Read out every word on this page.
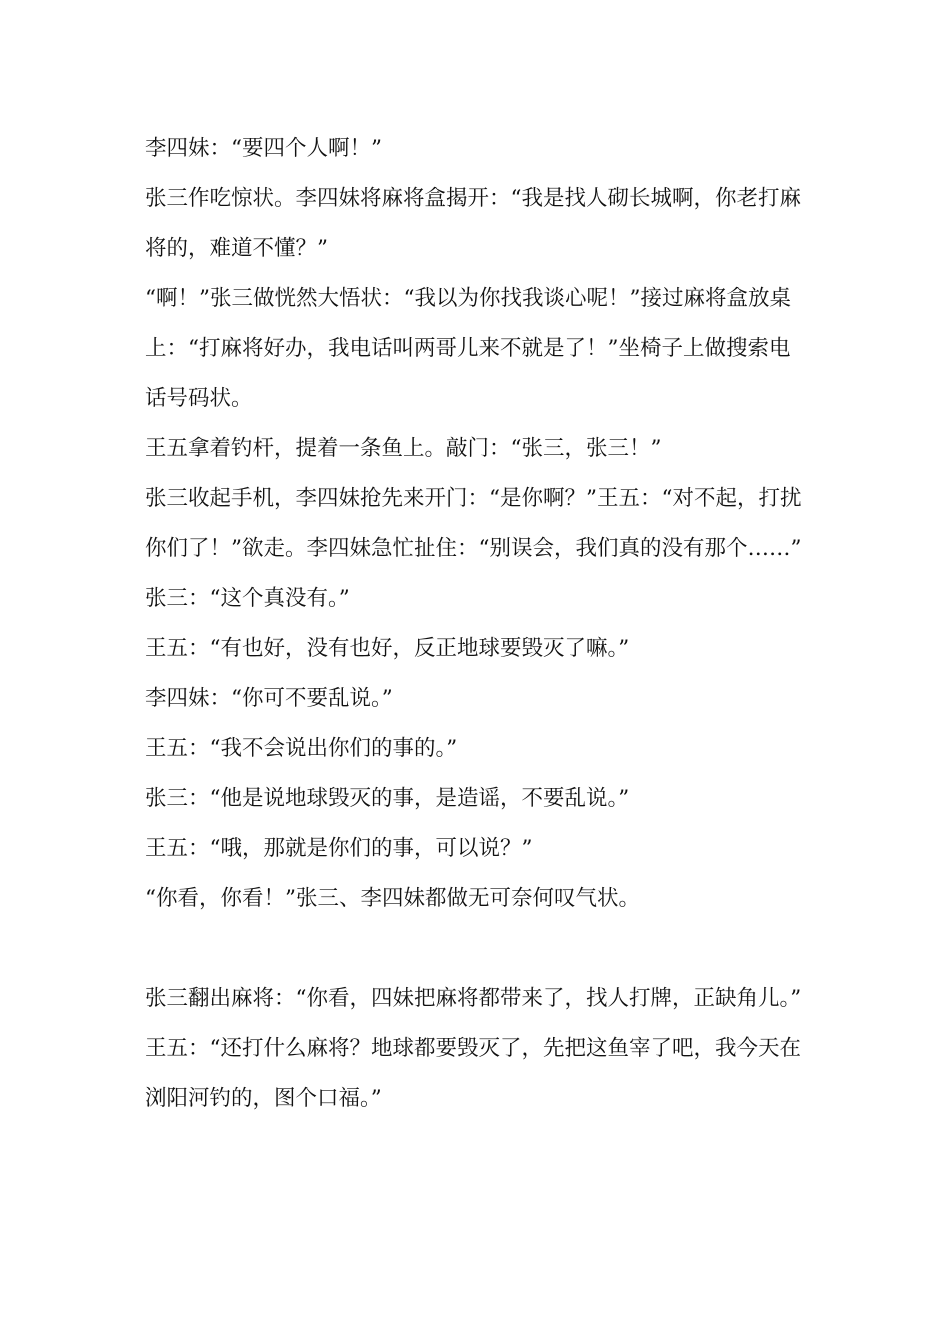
李四妹：“要四个人啊！”

张三作吃惊状。李四妹将麻将盒揭开：“我是找人砌长城啊，你老打麻将的，难道不懂？”

“啊！”张三做恍然大悟状：“我以为你找我谈心呢！”接过麻将盒放桌上：“打麻将好办，我电话叫两哥儿来不就是了！”坐椅子上做搜索电话号码状。

王五拿着钓杆，提着一条鱼上。敲门：“张三，张三！”

张三收起手机，李四妹抢先来开门：“是你啊？”王五：“对不起，打扰你们了！”欲走。李四妹急忙扯住：“别误会，我们真的没有那个……”

张三：“这个真没有。”

王五：“有也好，没有也好，反正地球要毁灭了嘛。”

李四妹：“你可不要乱说。”

王五：“我不会说出你们的事的。”

张三：“他是说地球毁灭的事，是造谣，不要乱说。”

王五：“哦，那就是你们的事，可以说？”

“你看，你看！”张三、李四妹都做无可奈何叹气状。

张三翻出麻将：“你看，四妹把麻将都带来了，找人打牌，正缺角儿。”

王五：“还打什么麻将？地球都要毁灭了，先把这鱼宰了吧，我今天在浏阳河钓的，图个口福。”
